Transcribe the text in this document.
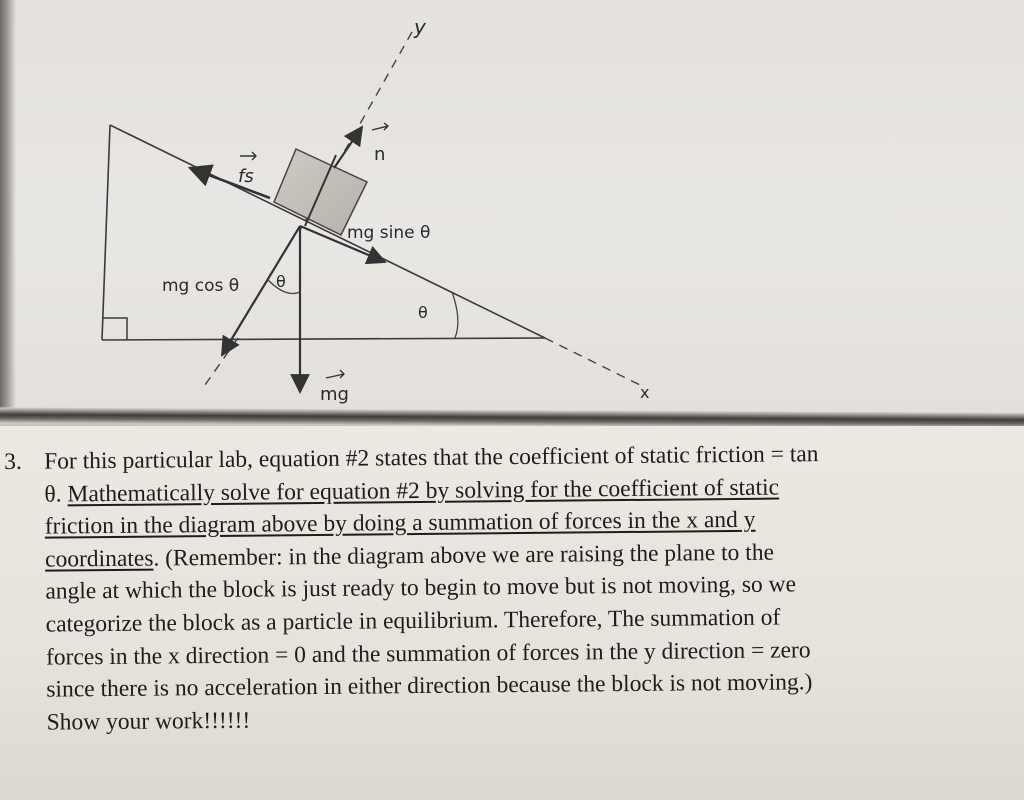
y
x
n
fs
mg sine θ
mg cos θ θ
θ
mg
3. For this particular lab, equation #2 states that the coefficient of static friction = tan
θ. Mathematically solve for equation #2 by solving for the coefficient of static
friction in the diagram above by doing a summation of forces in the x and y
coordinates. (Remember: in the diagram above we are raising the plane to the
angle at which the block is just ready to begin to move but is not moving, so we
categorize the block as a particle in equilibrium. Therefore, The summation of
forces in the x direction = 0 and the summation of forces in the y direction = zero
since there is no acceleration in either direction because the block is not moving.)
Show your work!!!!!!
